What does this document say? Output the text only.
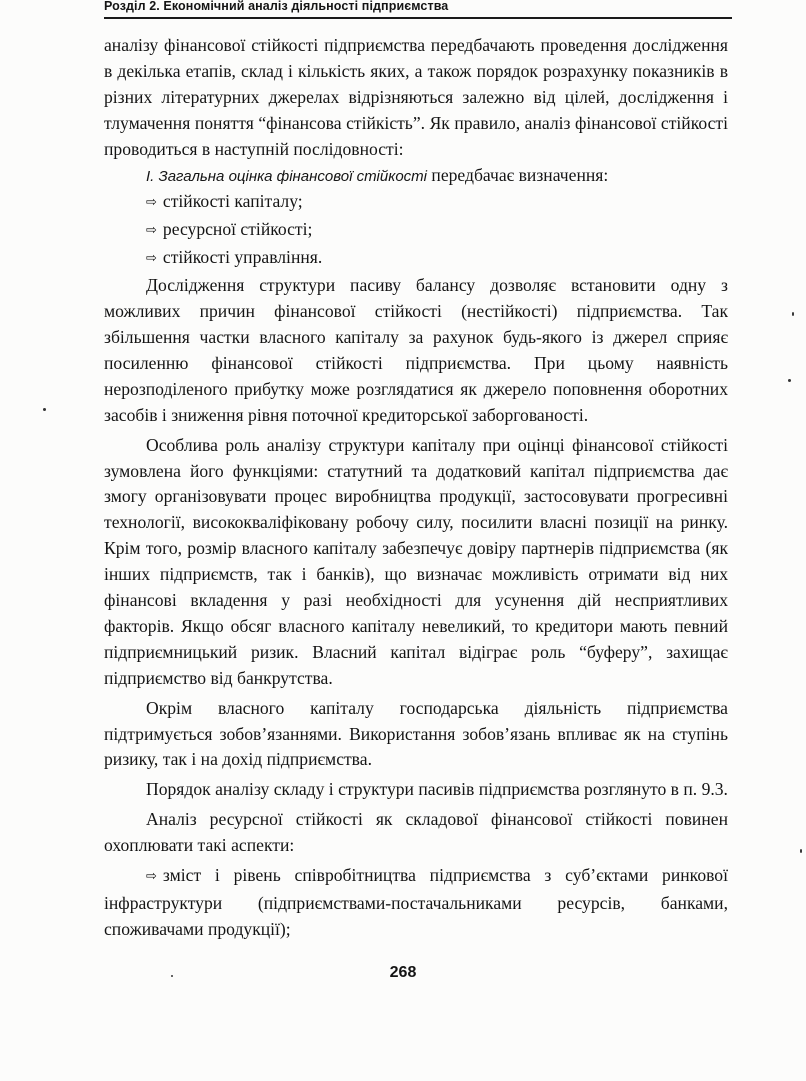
Розділ 2. Економічний аналіз діяльності підприємства

аналізу фінансової стійкості підприємства передбачають проведення дослідження в декілька етапів, склад і кількість яких, а також порядок розрахунку показників в різних літературних джерелах відрізняються залежно від цілей, дослідження і тлумачення поняття “фінансова стійкість”. Як правило, аналіз фінансової стійкості проводиться в наступній послідовності:

І. Загальна оцінка фінансової стійкості передбачає визначення:

⇨ стійкості капіталу;

⇨ ресурсної стійкості;

⇨ стійкості управління.

Дослідження структури пасиву балансу дозволяє встановити одну з можливих причин фінансової стійкості (нестійкості) підприємства. Так збільшення частки власного капіталу за рахунок будь-якого із джерел сприяє посиленню фінансової стійкості підприємства. При цьому наявність нерозподіленого прибутку може розглядатися як джерело поповнення оборотних засобів і зниження рівня поточної кредиторської заборгованості.

Особлива роль аналізу структури капіталу при оцінці фінансової стійкості зумовлена його функціями: статутний та додатковий капітал підприємства дає змогу організовувати процес виробництва продукції, застосовувати прогресивні технології, висококваліфіковану робочу силу, посилити власні позиції на ринку. Крім того, розмір власного капіталу забезпечує довіру партнерів підприємства (як інших підприємств, так і банків), що визначає можливість отримати від них фінансові вкладення у разі необхідності для усунення дій несприятливих факторів. Якщо обсяг власного капіталу невеликий, то кредитори мають певний підприємницький ризик. Власний капітал відіграє роль “буферу”, захищає підприємство від банкрутства.

Окрім власного капіталу господарська діяльність підприємства підтримується зобов’язаннями. Використання зобов’язань впливає як на ступінь ризику, так і на дохід підприємства.

Порядок аналізу складу і структури пасивів підприємства розглянуто в п. 9.3.

Аналіз ресурсної стійкості як складової фінансової стійкості повинен охоплювати такі аспекти:

⇨ зміст і рівень співробітництва підприємства з суб’єктами ринкової інфраструктури (підприємствами-постачальниками ресурсів, банками, споживачами продукції);

268
